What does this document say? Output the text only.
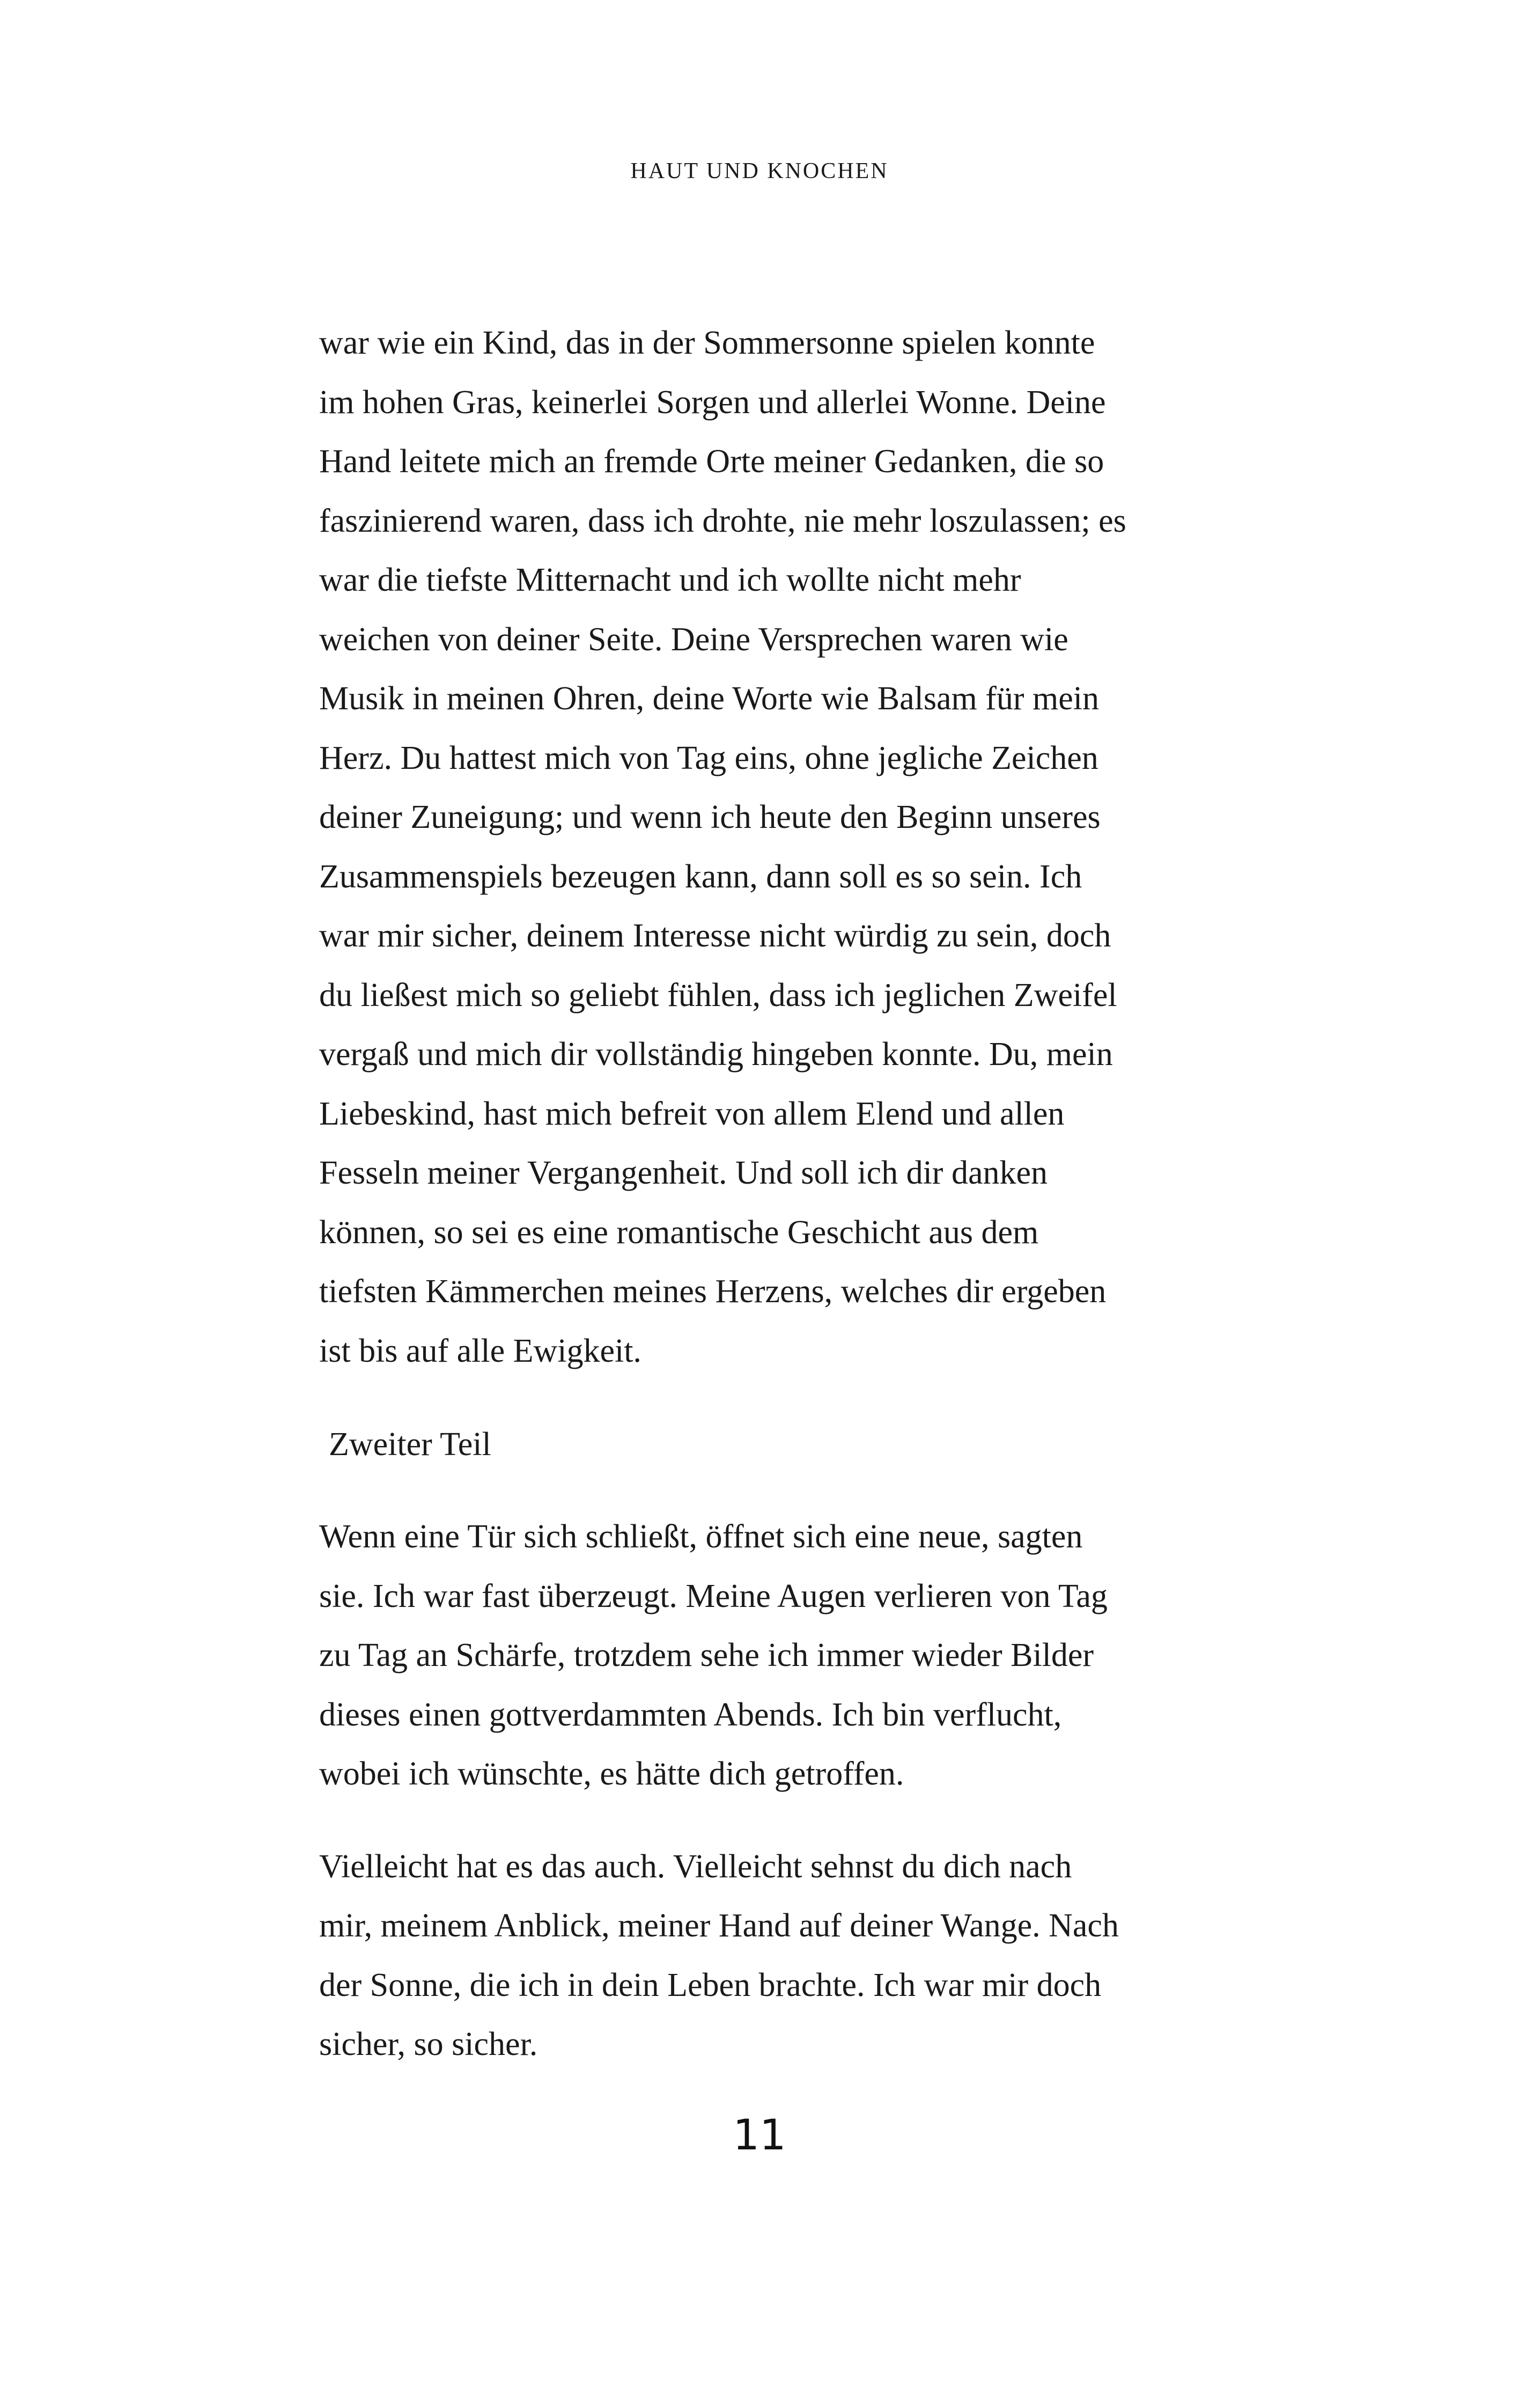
HAUT UND KNOCHEN
war wie ein Kind, das in der Sommersonne spielen konnte
im hohen Gras, keinerlei Sorgen und allerlei Wonne. Deine
Hand leitete mich an fremde Orte meiner Gedanken, die so
faszinierend waren, dass ich drohte, nie mehr loszulassen; es
war die tiefste Mitternacht und ich wollte nicht mehr
weichen von deiner Seite. Deine Versprechen waren wie
Musik in meinen Ohren, deine Worte wie Balsam für mein
Herz. Du hattest mich von Tag eins, ohne jegliche Zeichen
deiner Zuneigung; und wenn ich heute den Beginn unseres
Zusammenspiels bezeugen kann, dann soll es so sein. Ich
war mir sicher, deinem Interesse nicht würdig zu sein, doch
du ließest mich so geliebt fühlen, dass ich jeglichen Zweifel
vergaß und mich dir vollständig hingeben konnte. Du, mein
Liebeskind, hast mich befreit von allem Elend und allen
Fesseln meiner Vergangenheit. Und soll ich dir danken
können, so sei es eine romantische Geschicht aus dem
tiefsten Kämmerchen meines Herzens, welches dir ergeben
ist bis auf alle Ewigkeit.
Zweiter Teil
Wenn eine Tür sich schließt, öffnet sich eine neue, sagten
sie. Ich war fast überzeugt. Meine Augen verlieren von Tag
zu Tag an Schärfe, trotzdem sehe ich immer wieder Bilder
dieses einen gottverdammten Abends. Ich bin verflucht,
wobei ich wünschte, es hätte dich getroffen.
Vielleicht hat es das auch. Vielleicht sehnst du dich nach
mir, meinem Anblick, meiner Hand auf deiner Wange. Nach
der Sonne, die ich in dein Leben brachte. Ich war mir doch
sicher, so sicher.
11
